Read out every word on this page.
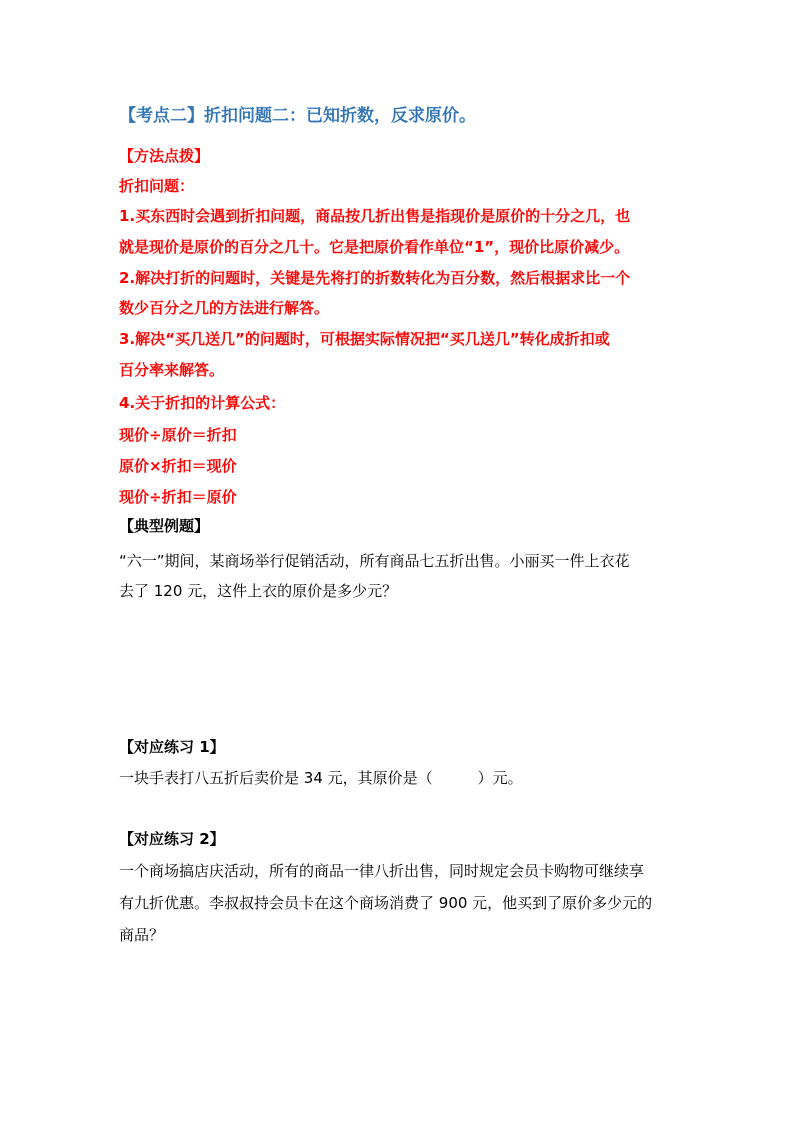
【考点二】折扣问题二：已知折数，反求原价。
【方法点拨】
折扣问题：
1.买东西时会遇到折扣问题，商品按几折出售是指现价是原价的十分之几，也
就是现价是原价的百分之几十。它是把原价看作单位“1”，现价比原价减少。
2.解决打折的问题时，关键是先将打的折数转化为百分数，然后根据求比一个
数少百分之几的方法进行解答。
3.解决“买几送几”的问题时，可根据实际情况把“买几送几”转化成折扣或
百分率来解答。
4.关于折扣的计算公式：
现价÷原价＝折扣
原价×折扣＝现价
现价÷折扣＝原价
【典型例题】
“六一”期间，某商场举行促销活动，所有商品七五折出售。小丽买一件上衣花
去了 120 元，这件上衣的原价是多少元？
【对应练习 1】
一块手表打八五折后卖价是 34 元，其原价是（　　　）元。
【对应练习 2】
一个商场搞店庆活动，所有的商品一律八折出售，同时规定会员卡购物可继续享
有九折优惠。李叔叔持会员卡在这个商场消费了 900 元，他买到了原价多少元的
商品？
